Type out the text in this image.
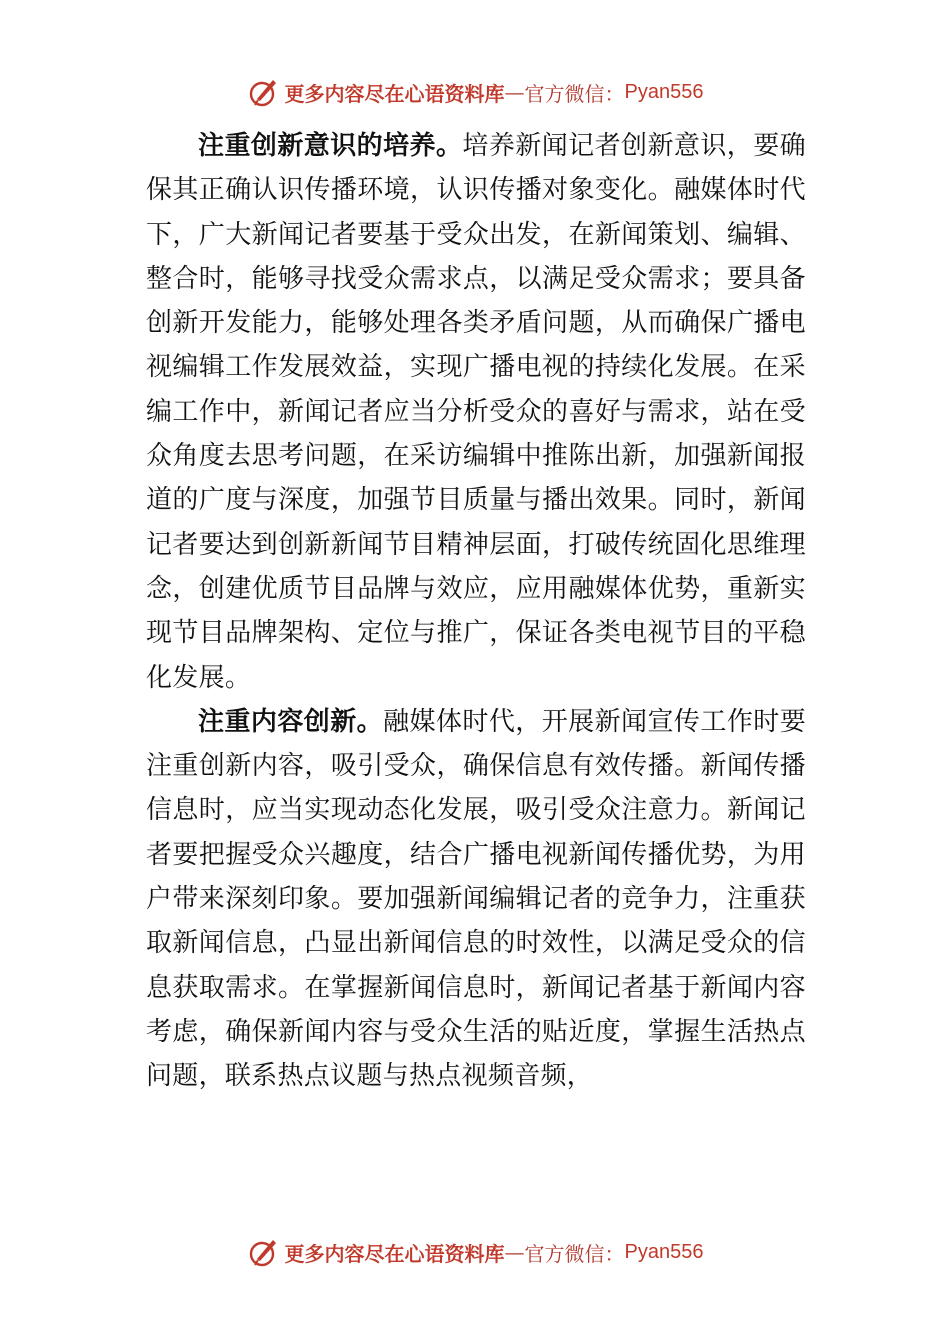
更多内容尽在心语资料库 — 官方微信： Pyan556

注重创新意识的培养。培养新闻记者创新意识，要确保其正确认识传播环境，认识传播对象变化。融媒体时代下，广大新闻记者要基于受众出发，在新闻策划、编辑、整合时，能够寻找受众需求点，以满足受众需求；要具备创新开发能力，能够处理各类矛盾问题，从而确保广播电视编辑工作发展效益，实现广播电视的持续化发展。在采编工作中，新闻记者应当分析受众的喜好与需求，站在受众角度去思考问题，在采访编辑中推陈出新，加强新闻报道的广度与深度，加强节目质量与播出效果。同时，新闻记者要达到创新新闻节目精神层面，打破传统固化思维理念，创建优质节目品牌与效应，应用融媒体优势，重新实现节目品牌架构、定位与推广，保证各类电视节目的平稳化发展。

注重内容创新。融媒体时代，开展新闻宣传工作时要注重创新内容，吸引受众，确保信息有效传播。新闻传播信息时，应当实现动态化发展，吸引受众注意力。新闻记者要把握受众兴趣度，结合广播电视新闻传播优势，为用户带来深刻印象。要加强新闻编辑记者的竞争力，注重获取新闻信息，凸显出新闻信息的时效性，以满足受众的信息获取需求。在掌握新闻信息时，新闻记者基于新闻内容考虑，确保新闻内容与受众生活的贴近度，掌握生活热点问题，联系热点议题与热点视频音频，

更多内容尽在心语资料库 — 官方微信： Pyan556
